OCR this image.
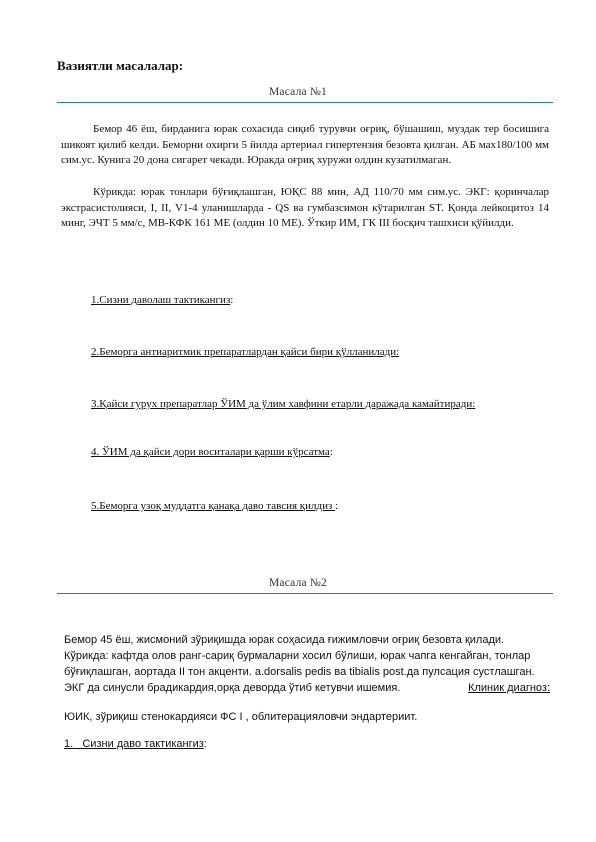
Вазиятли масалалар:
Масала №1
Бемор 46 ёш, бирданига юрак сохасида сиқиб турувчи оғриқ, бўшашиш, муздак тер босишига шикоят қилиб келди. Беморни охирги 5 йилда артериал гипертензия безовта қилган. АБ мах180/100 мм сим.ус. Кунига 20 дона сигарет чекади. Юракда оғриқ хуружи олдин кузатилмаган.
Кўрикда: юрак тонлари бўғиқлашган, ЮҚС 88 мин, АД 110/70 мм сим.ус. ЭКГ: қоринчалар экстрасистолияси, I, II, V1-4 уланишларда - QS ва гумбазсимон кўтарилган ST. Қонда лейкоцитоз 14 минг, ЭЧТ 5 мм/с, МВ-КФК 161 МЕ (олдин 10 МЕ). Ўткир ИМ, ГК III босқич ташхиси қўйилди.
1.Сизни даволаш тактикангиз:
2.Беморга антиаритмик препаратлардан қайси бири қўлланилади:
3.Қайси гурух препаратлар ЎИМ да ўлим хавфини етарли даражада камайтиради:
4. ЎИМ да қайси дори воситалари қарши кўрсатма:
5.Беморга узоқ муддатга қанақа даво тавсия қилдиз :
Масала №2
Бемор 45 ёш, жисмоний зўриқишда юрак соҳасида ғижимловчи оғриқ безовта қилади.
Кўрикда: кафтда олов ранг-сариқ бурмаларни хосил бўлиши, юрак чапга кенгайган, тонлар
бўғиқлашган, аортада II тон акценти. a.dorsalis pedis ва tibialis post.да пулсация сустлашган.
ЭКГ да синусли брадикардия,орқа деворда ўтиб кетувчи ишемия.	Клиник диагноз:
ЮИК, зўриқиш стенокардияси ФС I , облитерацияловчи эндартериит.
1. Сизни даво тактикангиз:
